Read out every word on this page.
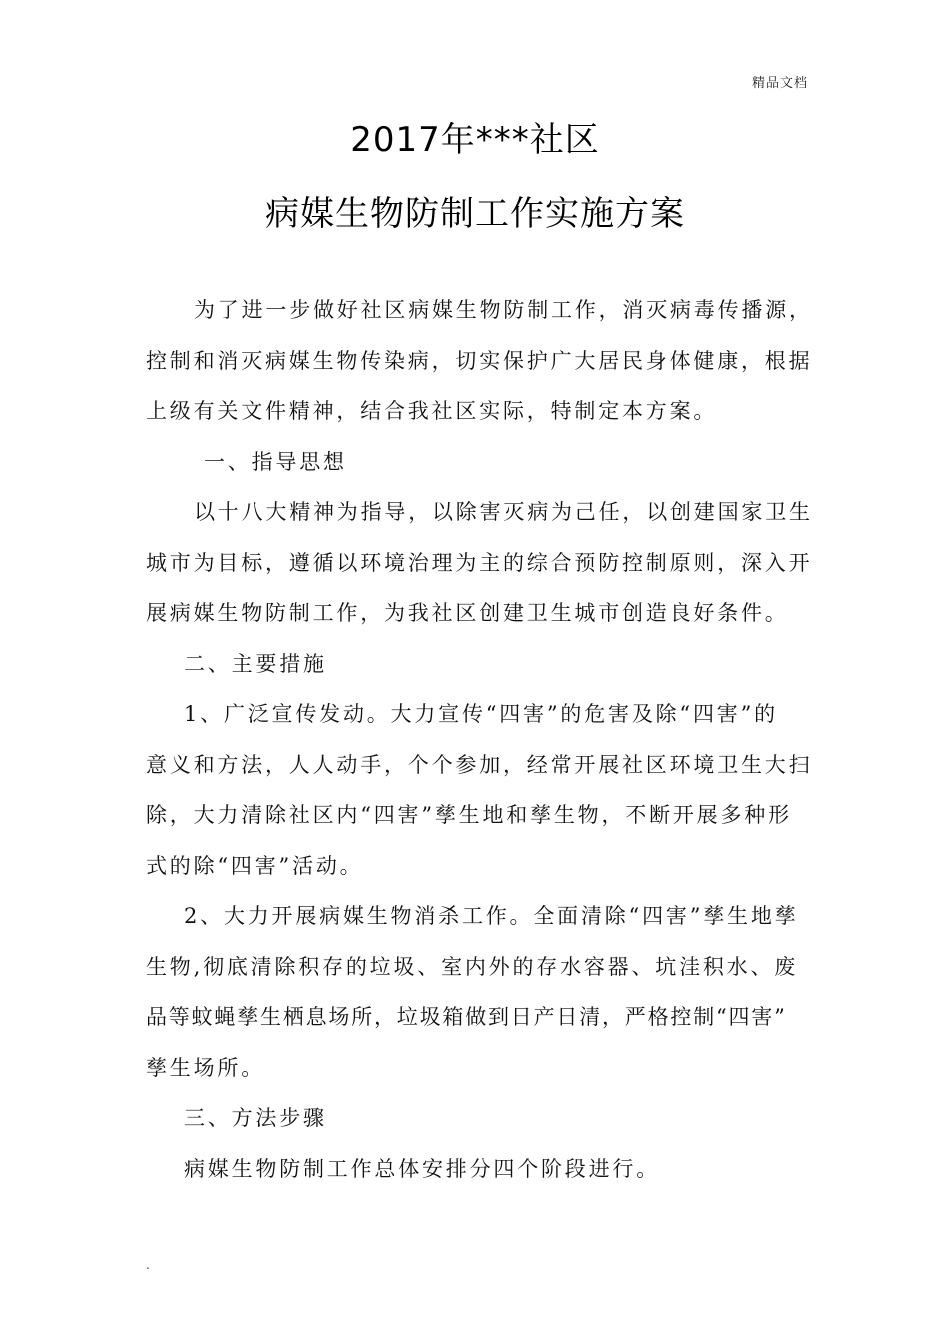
精品文档
2017年***社区
病媒生物防制工作实施方案
为了进一步做好社区病媒生物防制工作，消灭病毒传播源，
控制和消灭病媒生物传染病，切实保护广大居民身体健康，根据
上级有关文件精神，结合我社区实际，特制定本方案。
一、指导思想
以十八大精神为指导，以除害灭病为己任，以创建国家卫生
城市为目标，遵循以环境治理为主的综合预防控制原则，深入开
展病媒生物防制工作，为我社区创建卫生城市创造良好条件。
二、主要措施
1、广泛宣传发动。大力宣传“四害”的危害及除“四害”的
意义和方法，人人动手，个个参加，经常开展社区环境卫生大扫
除，大力清除社区内“四害”孳生地和孳生物，不断开展多种形
式的除“四害”活动。
2、大力开展病媒生物消杀工作。全面清除“四害”孳生地孳
生物,彻底清除积存的垃圾、室内外的存水容器、坑洼积水、废
品等蚊蝇孳生栖息场所，垃圾箱做到日产日清，严格控制“四害”
孳生场所。
三、方法步骤
病媒生物防制工作总体安排分四个阶段进行。
.
